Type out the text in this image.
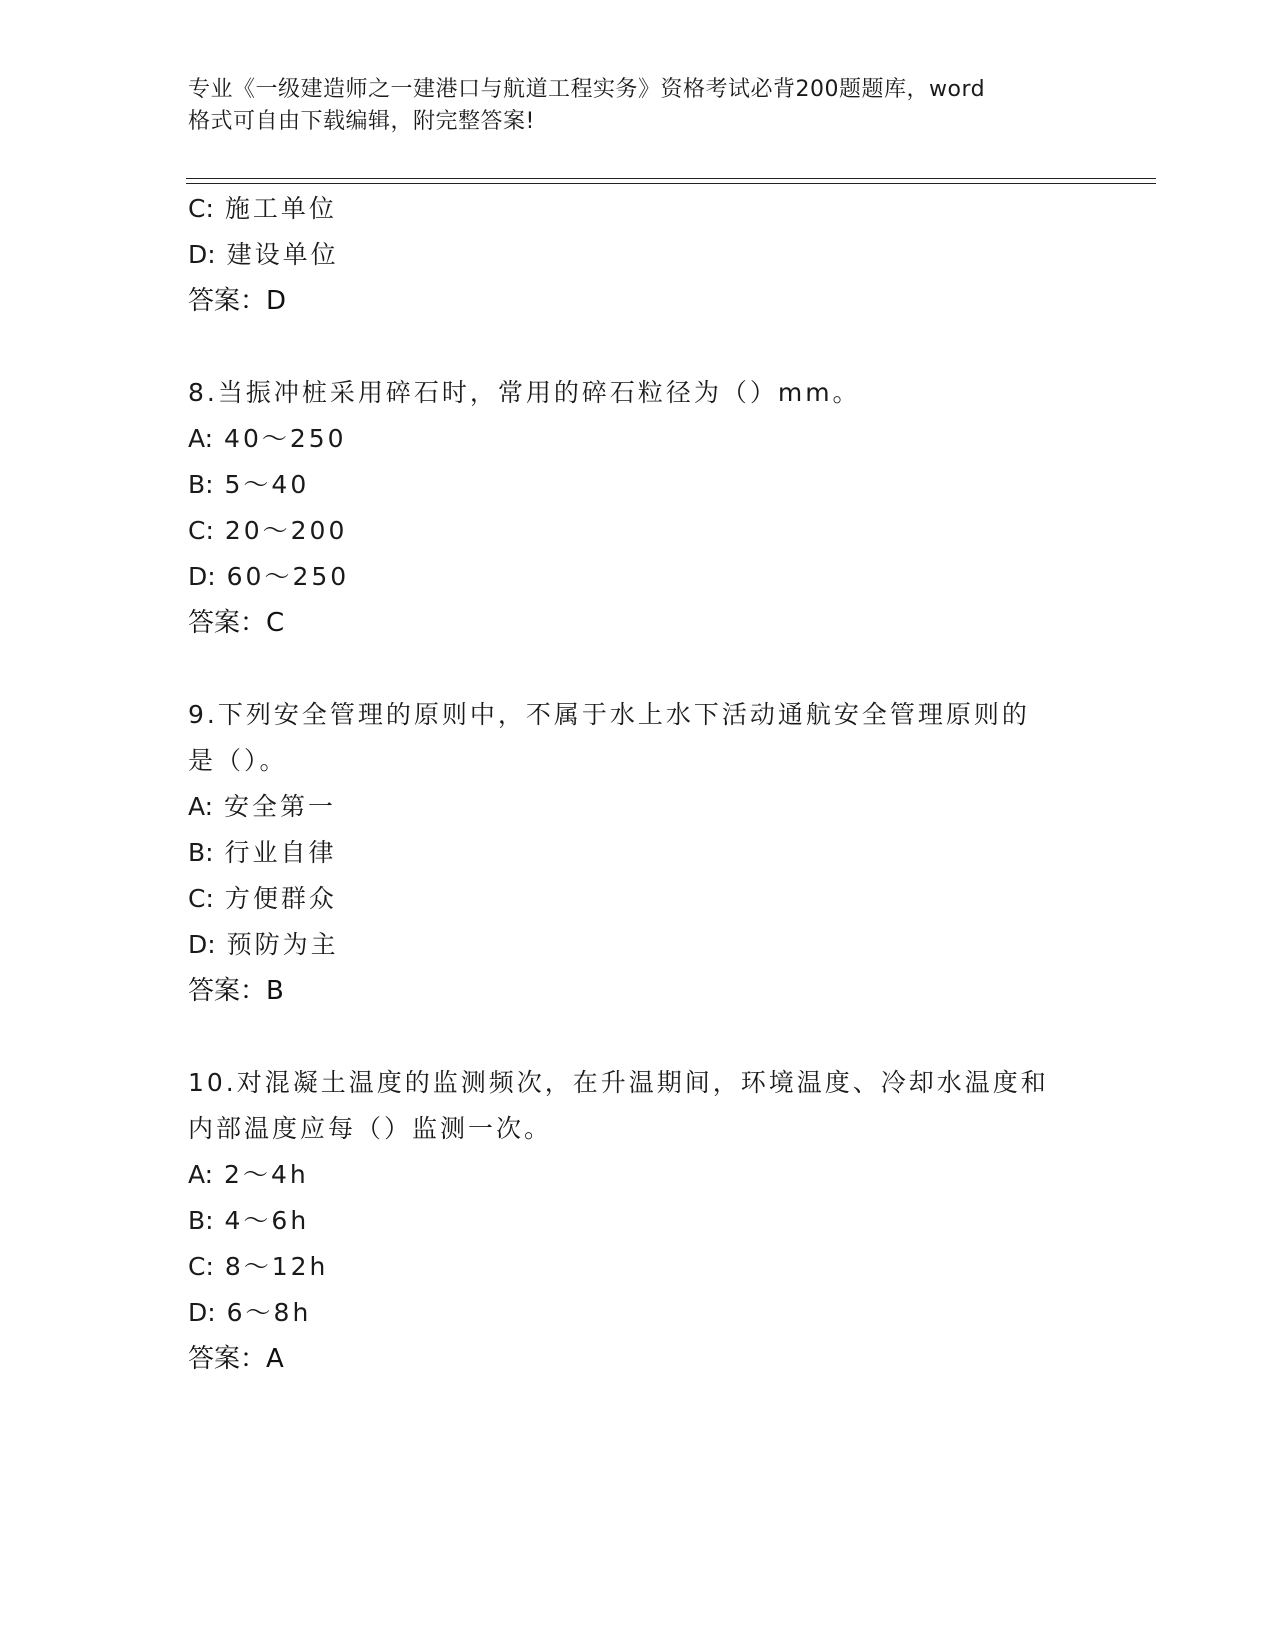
专业《一级建造师之一建港口与航道工程实务》资格考试必背200题题库，word
格式可自由下载编辑，附完整答案!
C: 施工单位
D: 建设单位
答案：D
8.当振冲桩采用碎石时，常用的碎石粒径为（）mm。
A: 40～250
B: 5～40
C: 20～200
D: 60～250
答案：C
9.下列安全管理的原则中，不属于水上水下活动通航安全管理原则的
是（）。
A: 安全第一
B: 行业自律
C: 方便群众
D: 预防为主
答案：B
10.对混凝土温度的监测频次，在升温期间，环境温度、冷却水温度和
内部温度应每（）监测一次。
A: 2～4h
B: 4～6h
C: 8～12h
D: 6～8h
答案：A
